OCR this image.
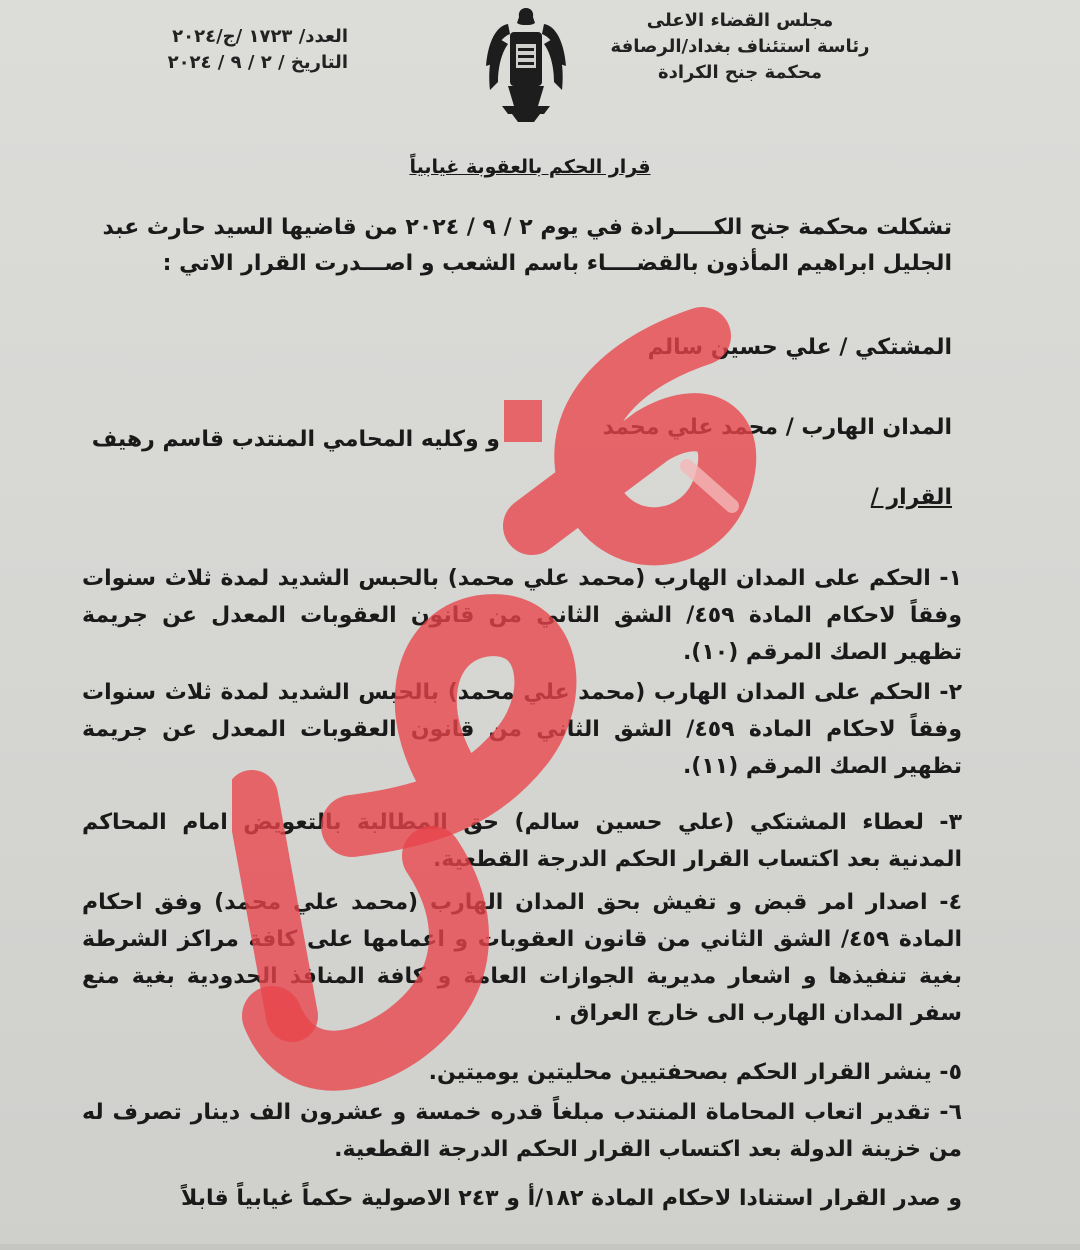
مجلس القضاء الاعلى
رئاسة استئناف بغداد/الرصافة
محكمة جنح الكرادة
العدد/ ١٧٢٣ /ج/٢٠٢٤
التاريخ / ٢ / ٩ / ٢٠٢٤
قرار الحكم بالعقوبة غيابياً
تشكلت محكمة جنح الكـــــرادة في يوم ٢ / ٩ / ٢٠٢٤ من قاضيها السيد حارث عبد
الجليل ابراهيم المأذون بالقضــــاء باسم الشعب و اصـــدرت القرار الاتي :
المشتكي / علي حسين سالم
المدان الهارب / محمد علي محمد
و وكليه المحامي المنتدب قاسم رهيف
القرار /
١- الحكم على المدان الهارب (محمد علي محمد) بالحبس الشديد لمدة ثلاث سنوات وفقاً لاحكام المادة ٤٥٩/ الشق الثاني من قانون العقوبات المعدل عن جريمة تظهير الصك المرقم (١٠).
٢- الحكم على المدان الهارب (محمد علي محمد) بالحبس الشديد لمدة ثلاث سنوات وفقاً لاحكام المادة ٤٥٩/ الشق الثاني من قانون العقوبات المعدل عن جريمة تظهير الصك المرقم (١١).
٣- لعطاء المشتكي (علي حسين سالم) حق المطالبة بالتعويض امام المحاكم المدنية بعد اكتساب القرار الحكم الدرجة القطعية.
٤- اصدار امر قبض و تفيش بحق المدان الهارب (محمد علي محمد) وفق احكام المادة ٤٥٩/ الشق الثاني من قانون العقوبات و اعمامها على كافة مراكز الشرطة بغية تنفيذها و اشعار مديرية الجوازات العامة و كافة المنافذ الحدودية بغية منع سفر المدان الهارب الى خارج العراق .
٥- ينشر القرار الحكم بصحفتيين محليتين يوميتين.
٦- تقدير اتعاب المحاماة المنتدب مبلغاً قدره خمسة و عشرون الف دينار تصرف له من خزينة الدولة بعد اكتساب القرار الحكم الدرجة القطعية.
و صدر القرار استنادا لاحكام المادة ١٨٢/أ و ٢٤٣ الاصولية حكماً غيابياً قابلاً
